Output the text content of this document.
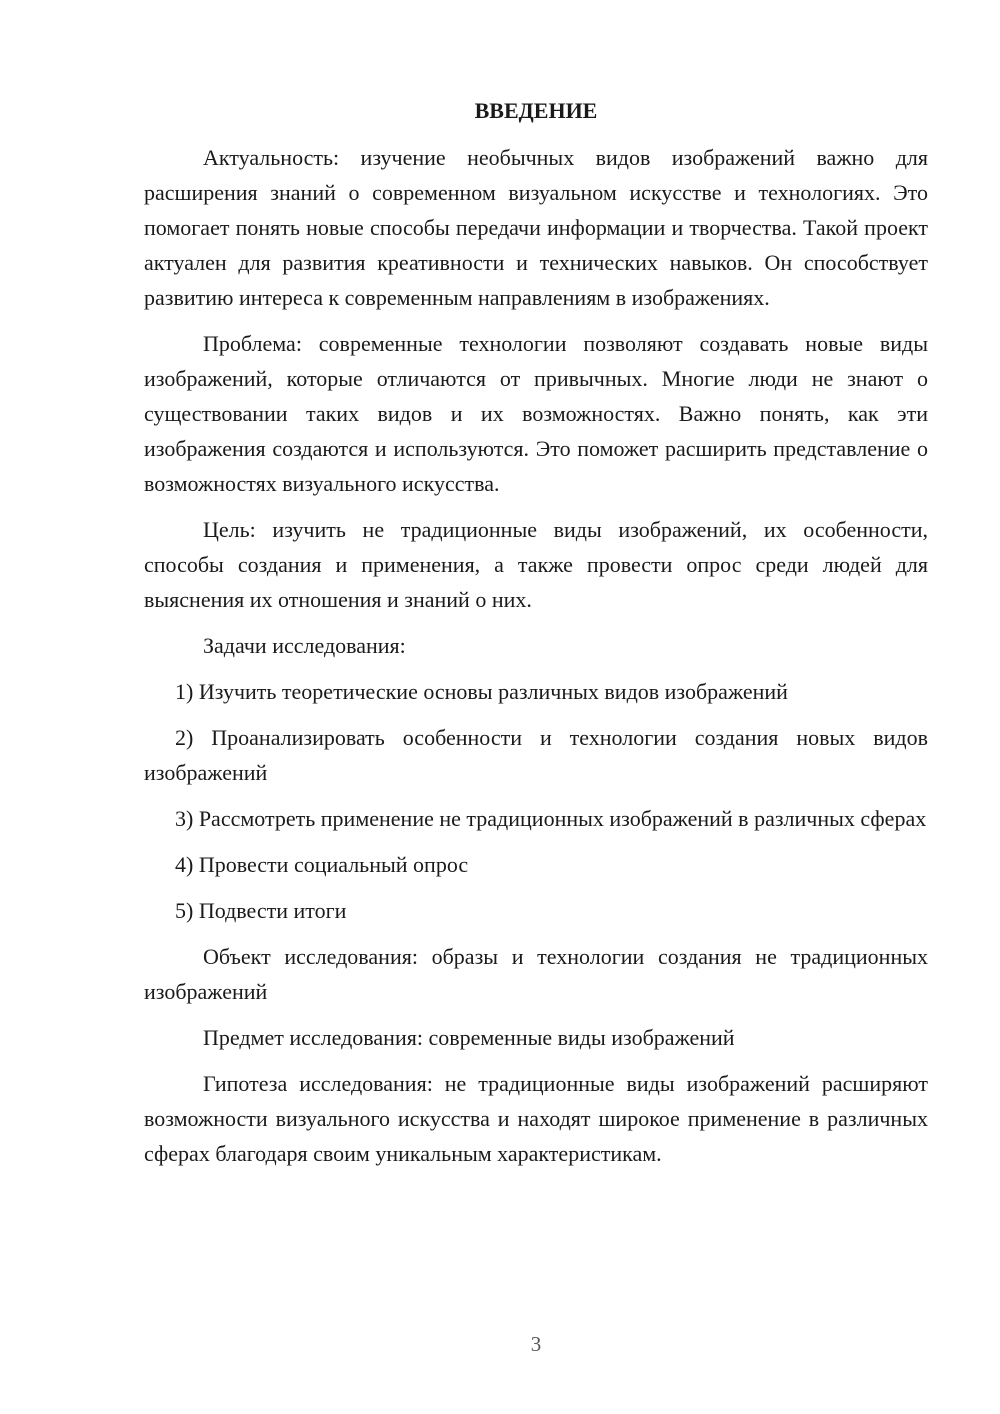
ВВЕДЕНИЕ

Актуальность: изучение необычных видов изображений важно для расширения знаний о современном визуальном искусстве и технологиях. Это помогает понять новые способы передачи информации и творчества. Такой проект актуален для развития креативности и технических навыков. Он способствует развитию интереса к современным направлениям в изображениях.

Проблема: современные технологии позволяют создавать новые виды изображений, которые отличаются от привычных. Многие люди не знают о существовании таких видов и их возможностях. Важно понять, как эти изображения создаются и используются. Это поможет расширить представление о возможностях визуального искусства.

Цель: изучить не традиционные виды изображений, их особенности, способы создания и применения, а также провести опрос среди людей для выяснения их отношения и знаний о них.

Задачи исследования:

1) Изучить теоретические основы различных видов изображений

2) Проанализировать особенности и технологии создания новых видов изображений

3) Рассмотреть применение не традиционных изображений в различных сферах

4) Провести социальный опрос

5) Подвести итоги

Объект исследования: образы и технологии создания не традиционных изображений

Предмет исследования: современные виды изображений

Гипотеза исследования: не традиционные виды изображений расширяют возможности визуального искусства и находят широкое применение в различных сферах благодаря своим уникальным характеристикам.

3
